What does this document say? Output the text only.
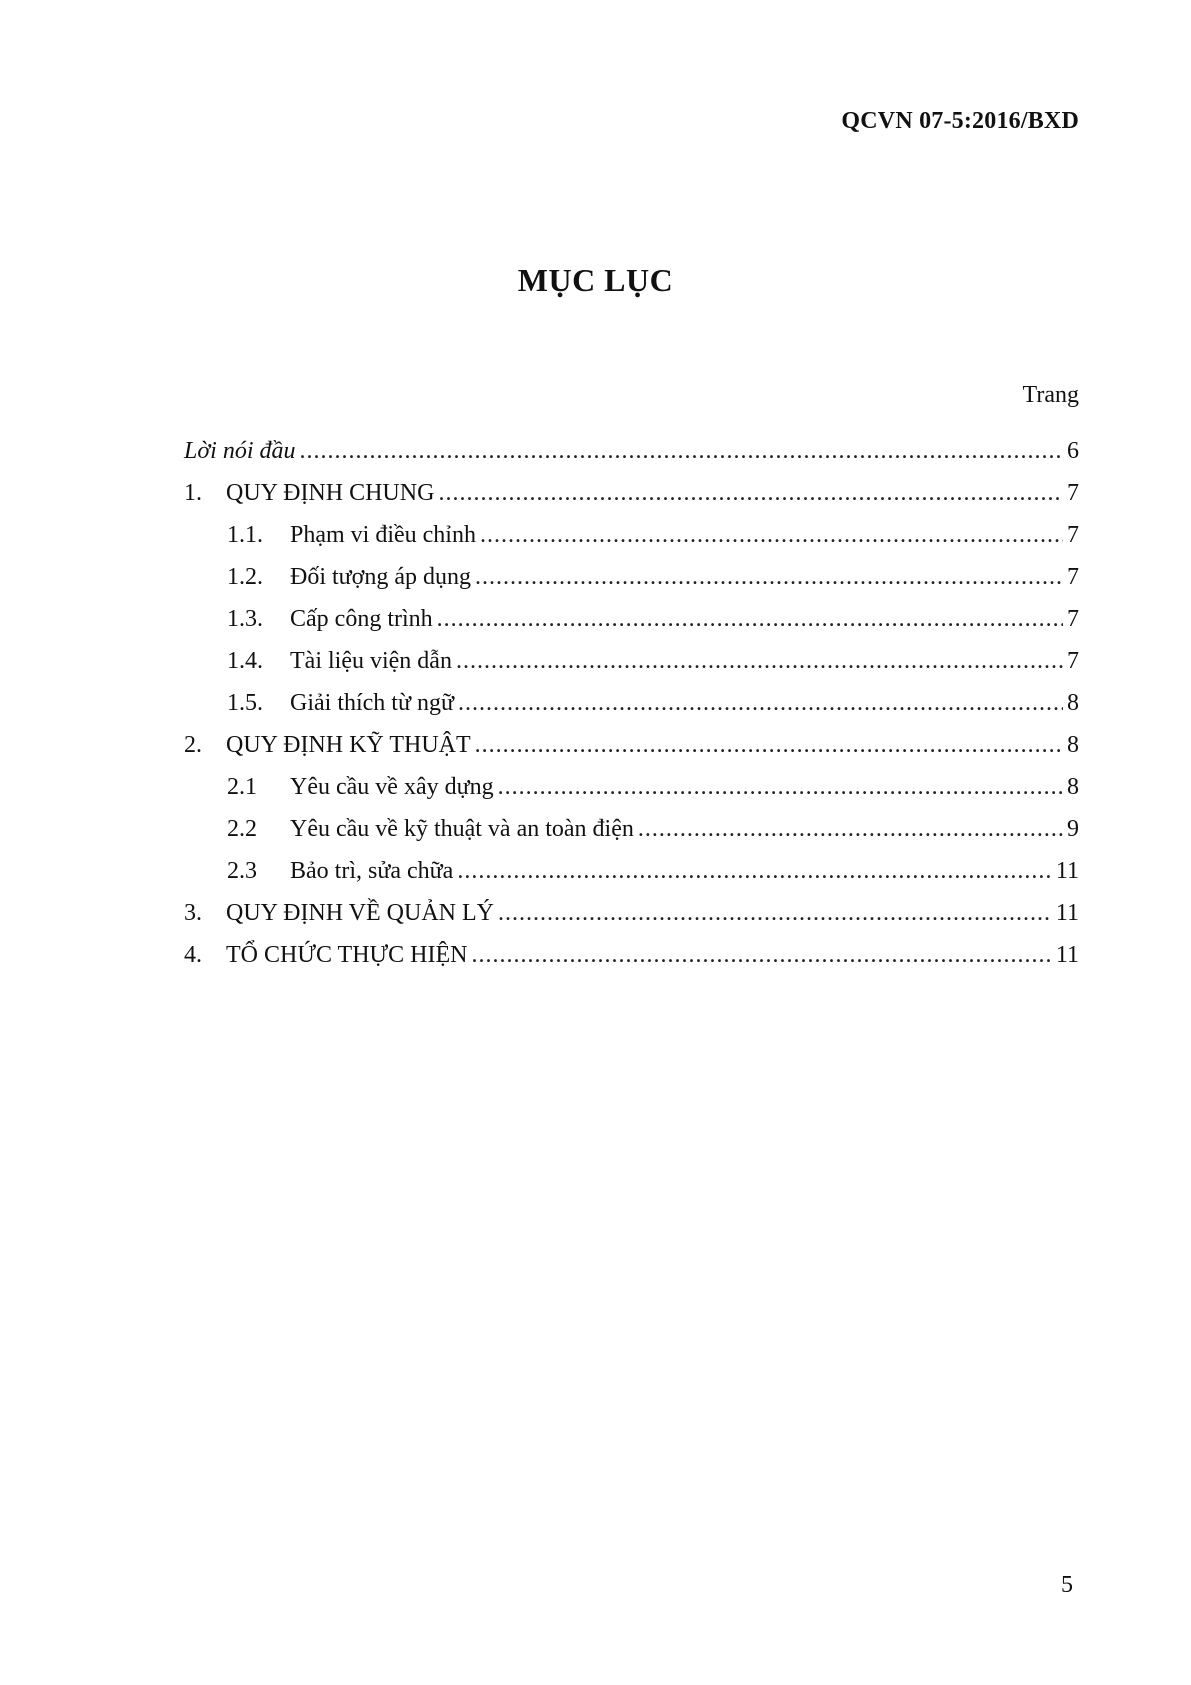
QCVN 07-5:2016/BXD
MỤC LỤC
Trang
Lời nói đầu .....	6
1.	QUY ĐỊNH CHUNG .....	7
1.1.	Phạm vi điều chỉnh .....	7
1.2.	Đối tượng áp dụng .....	7
1.3.	Cấp công trình .....	7
1.4.	Tài liệu viện dẫn .....	7
1.5.	Giải thích từ ngữ .....	8
2.	QUY ĐỊNH KỸ THUẬT .....	8
2.1	Yêu cầu về xây dựng .....	8
2.2	Yêu cầu về kỹ thuật và an toàn điện .....	9
2.3	Bảo trì, sửa chữa .....	11
3.	QUY ĐỊNH VỀ QUẢN LÝ .....	11
4.	TỔ CHỨC THỰC HIỆN .....	11
5
